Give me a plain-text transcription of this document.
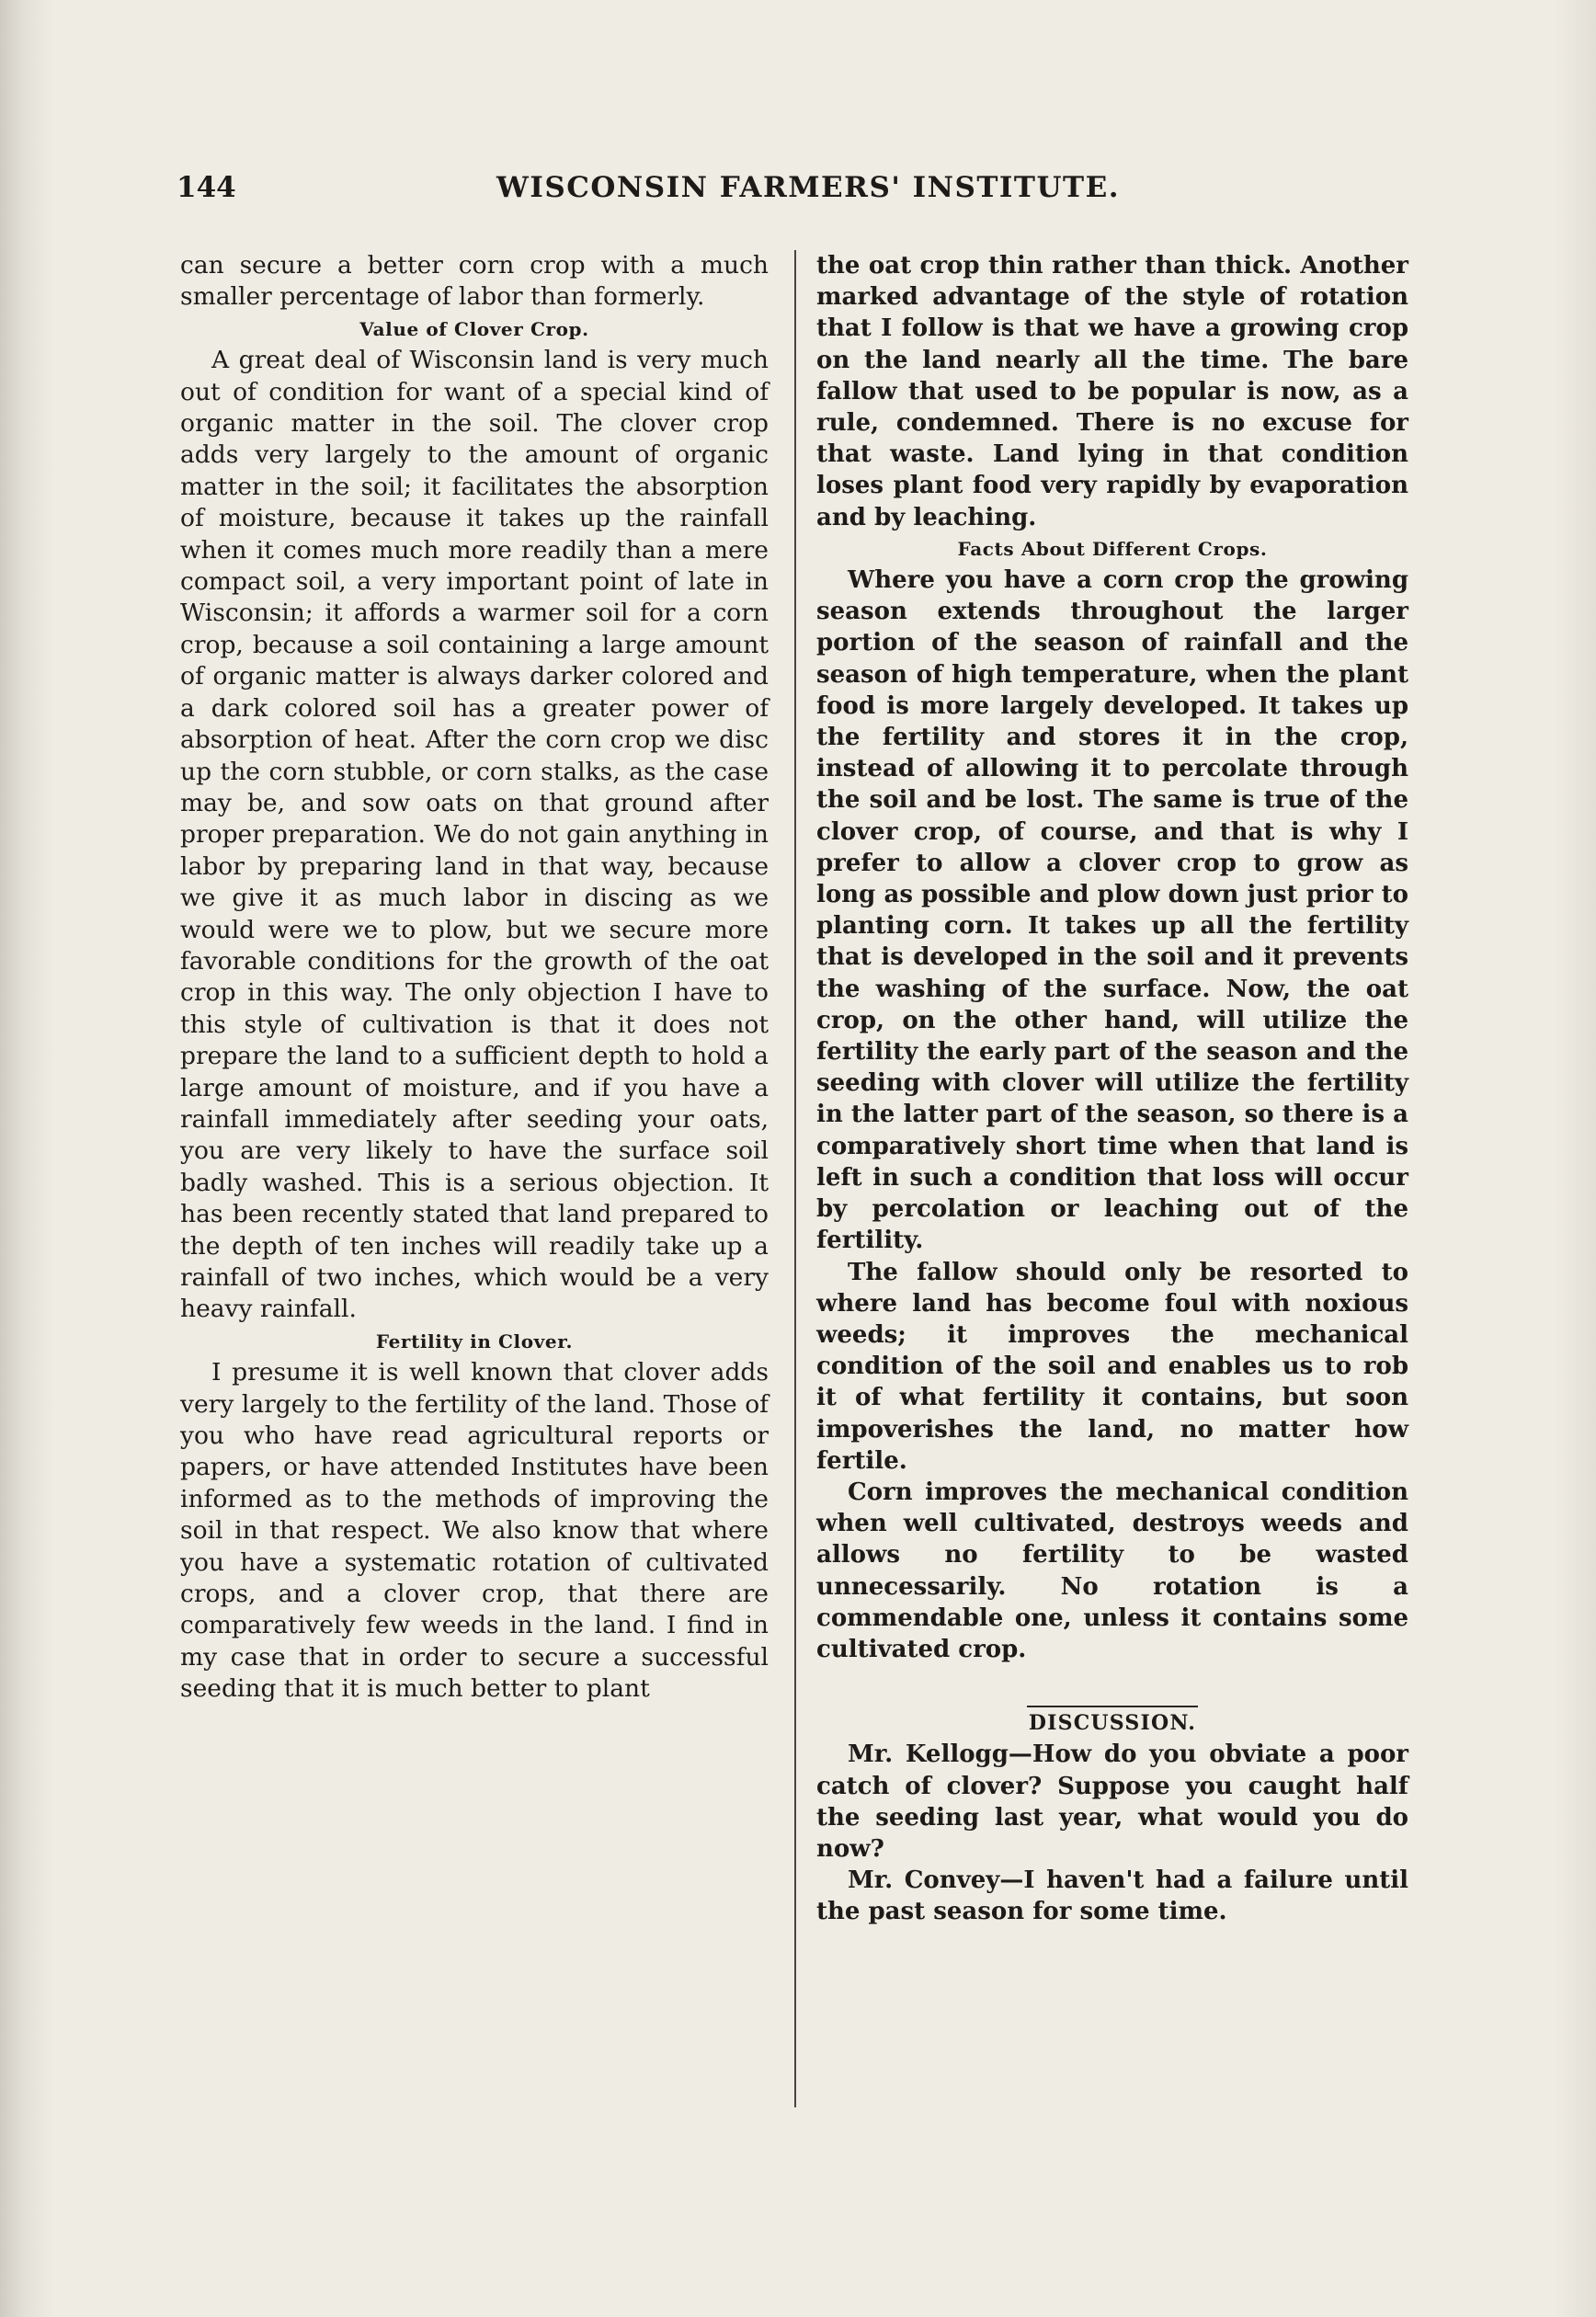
144	WISCONSIN FARMERS' INSTITUTE.

can secure a better corn crop with a much smaller percentage of labor than formerly.

Value of Clover Crop.

A great deal of Wisconsin land is very much out of condition for want of a special kind of organic matter in the soil. The clover crop adds very largely to the amount of organic matter in the soil; it facilitates the absorption of moisture, because it takes up the rainfall when it comes much more readily than a mere compact soil, a very important point of late in Wisconsin; it affords a warmer soil for a corn crop, because a soil containing a large amount of organic matter is always darker colored and a dark colored soil has a greater power of absorption of heat. After the corn crop we disc up the corn stubble, or corn stalks, as the case may be, and sow oats on that ground after proper preparation. We do not gain anything in labor by preparing land in that way, because we give it as much labor in discing as we would were we to plow, but we secure more favorable conditions for the growth of the oat crop in this way. The only objection I have to this style of cultivation is that it does not prepare the land to a sufficient depth to hold a large amount of moisture, and if you have a rainfall immediately after seeding your oats, you are very likely to have the surface soil badly washed. This is a serious objection. It has been recently stated that land prepared to the depth of ten inches will readily take up a rainfall of two inches, which would be a very heavy rainfall.

Fertility in Clover.

I presume it is well known that clover adds very largely to the fertility of the land. Those of you who have read agricultural reports or papers, or have attended Institutes have been informed as to the methods of improving the soil in that respect. We also know that where you have a systematic rotation of cultivated crops, and a clover crop, that there are comparatively few weeds in the land. I find in my case that in order to secure a successful seeding that it is much better to plant

the oat crop thin rather than thick. Another marked advantage of the style of rotation that I follow is that we have a growing crop on the land nearly all the time. The bare fallow that used to be popular is now, as a rule, condemned. There is no excuse for that waste. Land lying in that condition loses plant food very rapidly by evaporation and by leaching.

Facts About Different Crops.

Where you have a corn crop the growing season extends throughout the larger portion of the season of rainfall and the season of high temperature, when the plant food is more largely developed. It takes up the fertility and stores it in the crop, instead of allowing it to percolate through the soil and be lost. The same is true of the clover crop, of course, and that is why I prefer to allow a clover crop to grow as long as possible and plow down just prior to planting corn. It takes up all the fertility that is developed in the soil and it prevents the washing of the surface. Now, the oat crop, on the other hand, will utilize the fertility the early part of the season and the seeding with clover will utilize the fertility in the latter part of the season, so there is a comparatively short time when that land is left in such a condition that loss will occur by percolation or leaching out of the fertility.

The fallow should only be resorted to where land has become foul with noxious weeds; it improves the mechanical condition of the soil and enables us to rob it of what fertility it contains, but soon impoverishes the land, no matter how fertile.

Corn improves the mechanical condition when well cultivated, destroys weeds and allows no fertility to be wasted unnecessarily. No rotation is a commendable one, unless it contains some cultivated crop.

DISCUSSION.

Mr. Kellogg—How do you obviate a poor catch of clover? Suppose you caught half the seeding last year, what would you do now?

Mr. Convey—I haven't had a failure until the past season for some time.
